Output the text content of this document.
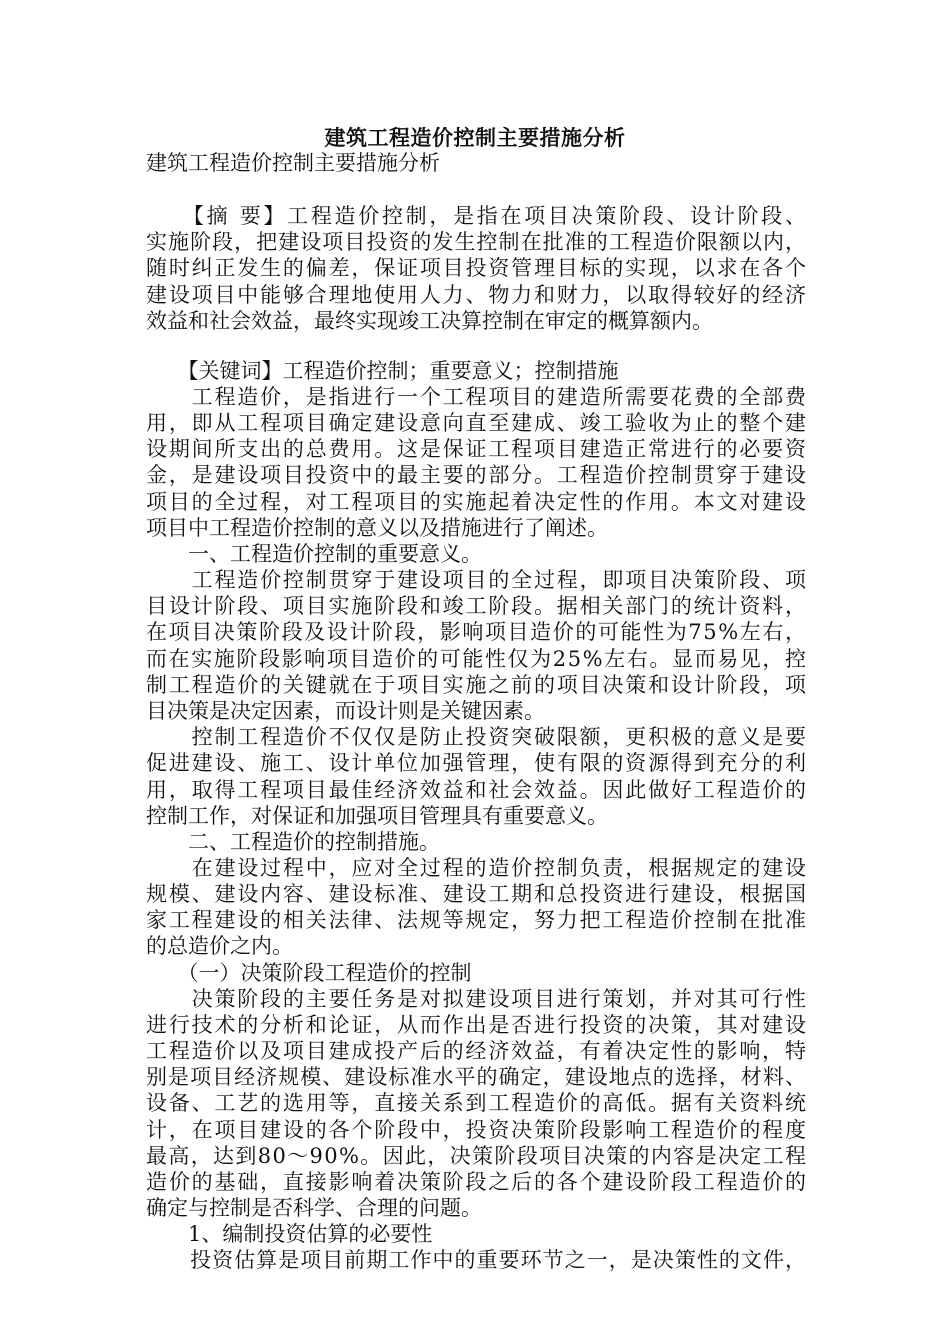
建筑工程造价控制主要措施分析
建筑工程造价控制主要措施分析
　　【摘 要】工程造价控制，是指在项目决策阶段、设计阶段、
实施阶段，把建设项目投资的发生控制在批准的工程造价限额以内，
随时纠正发生的偏差，保证项目投资管理目标的实现，以求在各个
建设项目中能够合理地使用人力、物力和财力，以取得较好的经济
效益和社会效益，最终实现竣工决算控制在审定的概算额内。
　　【关键词】工程造价控制；重要意义；控制措施
　　工程造价，是指进行一个工程项目的建造所需要花费的全部费
用，即从工程项目确定建设意向直至建成、竣工验收为止的整个建
设期间所支出的总费用。这是保证工程项目建造正常进行的必要资
金，是建设项目投资中的最主要的部分。工程造价控制贯穿于建设
项目的全过程，对工程项目的实施起着决定性的作用。本文对建设
项目中工程造价控制的意义以及措施进行了阐述。
　　一、工程造价控制的重要意义。
　　工程造价控制贯穿于建设项目的全过程，即项目决策阶段、项
目设计阶段、项目实施阶段和竣工阶段。据相关部门的统计资料，
在项目决策阶段及设计阶段，影响项目造价的可能性为75%左右，
而在实施阶段影响项目造价的可能性仅为25%左右。显而易见，控
制工程造价的关键就在于项目实施之前的项目决策和设计阶段，项
目决策是决定因素，而设计则是关键因素。
　　控制工程造价不仅仅是防止投资突破限额，更积极的意义是要
促进建设、施工、设计单位加强管理，使有限的资源得到充分的利
用，取得工程项目最佳经济效益和社会效益。因此做好工程造价的
控制工作，对保证和加强项目管理具有重要意义。
　　二、工程造价的控制措施。
　　在建设过程中，应对全过程的造价控制负责，根据规定的建设
规模、建设内容、建设标准、建设工期和总投资进行建设，根据国
家工程建设的相关法律、法规等规定，努力把工程造价控制在批准
的总造价之内。
　　（一）决策阶段工程造价的控制
　　决策阶段的主要任务是对拟建设项目进行策划，并对其可行性
进行技术的分析和论证，从而作出是否进行投资的决策，其对建设
工程造价以及项目建成投产后的经济效益，有着决定性的影响，特
别是项目经济规模、建设标准水平的确定，建设地点的选择，材料、
设备、工艺的选用等，直接关系到工程造价的高低。据有关资料统
计，在项目建设的各个阶段中，投资决策阶段影响工程造价的程度
最高，达到80～90%。因此，决策阶段项目决策的内容是决定工程
造价的基础，直接影响着决策阶段之后的各个建设阶段工程造价的
确定与控制是否科学、合理的问题。
　　1、编制投资估算的必要性
　　投资估算是项目前期工作中的重要环节之一，是决策性的文件，
